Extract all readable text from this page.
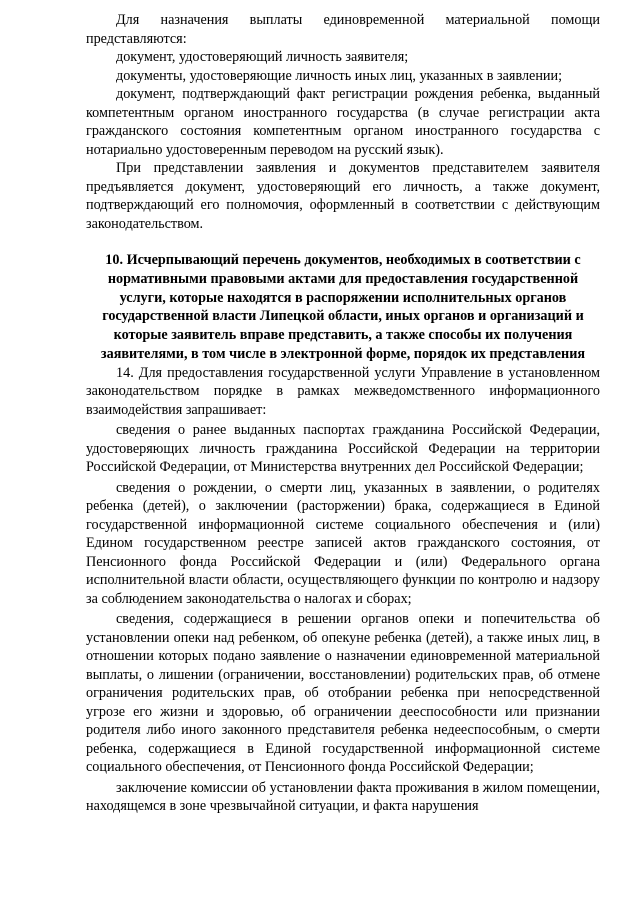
Для назначения выплаты единовременной материальной помощи представляются:

документ, удостоверяющий личность заявителя;

документы, удостоверяющие личность иных лиц, указанных в заявлении;

документ, подтверждающий факт регистрации рождения ребенка, выданный компетентным органом иностранного государства (в случае регистрации акта гражданского состояния компетентным органом иностранного государства с нотариально удостоверенным переводом на русский язык).

При представлении заявления и документов представителем заявителя предъявляется документ, удостоверяющий его личность, а также документ, подтверждающий его полномочия, оформленный в соответствии с действующим законодательством.

10. Исчерпывающий перечень документов, необходимых в соответствии с нормативными правовыми актами для предоставления государственной услуги, которые находятся в распоряжении исполнительных органов государственной власти Липецкой области, иных органов и организаций и которые заявитель вправе представить, а также способы их получения заявителями, в том числе в электронной форме, порядок их представления

14. Для предоставления государственной услуги Управление в установленном законодательством порядке в рамках межведомственного информационного взаимодействия запрашивает:

сведения о ранее выданных паспортах гражданина Российской Федерации, удостоверяющих личность гражданина Российской Федерации на территории Российской Федерации, от Министерства внутренних дел Российской Федерации;

сведения о рождении, о смерти лиц, указанных в заявлении, о родителях ребенка (детей), о заключении (расторжении) брака, содержащиеся в Единой государственной информационной системе социального обеспечения и (или) Едином государственном реестре записей актов гражданского состояния, от Пенсионного фонда Российской Федерации и (или) Федерального органа исполнительной власти области, осуществляющего функции по контролю и надзору за соблюдением законодательства о налогах и сборах;

сведения, содержащиеся в решении органов опеки и попечительства об установлении опеки над ребенком, об опекуне ребенка (детей), а также иных лиц, в отношении которых подано заявление о назначении единовременной материальной выплаты, о лишении (ограничении, восстановлении) родительских прав, об отмене ограничения родительских прав, об отобрании ребенка при непосредственной угрозе его жизни и здоровью, об ограничении дееспособности или признании родителя либо иного законного представителя ребенка недееспособным, о смерти ребенка, содержащиеся в Единой государственной информационной системе социального обеспечения, от Пенсионного фонда Российской Федерации;

заключение комиссии об установлении факта проживания в жилом помещении, находящемся в зоне чрезвычайной ситуации, и факта нарушения
